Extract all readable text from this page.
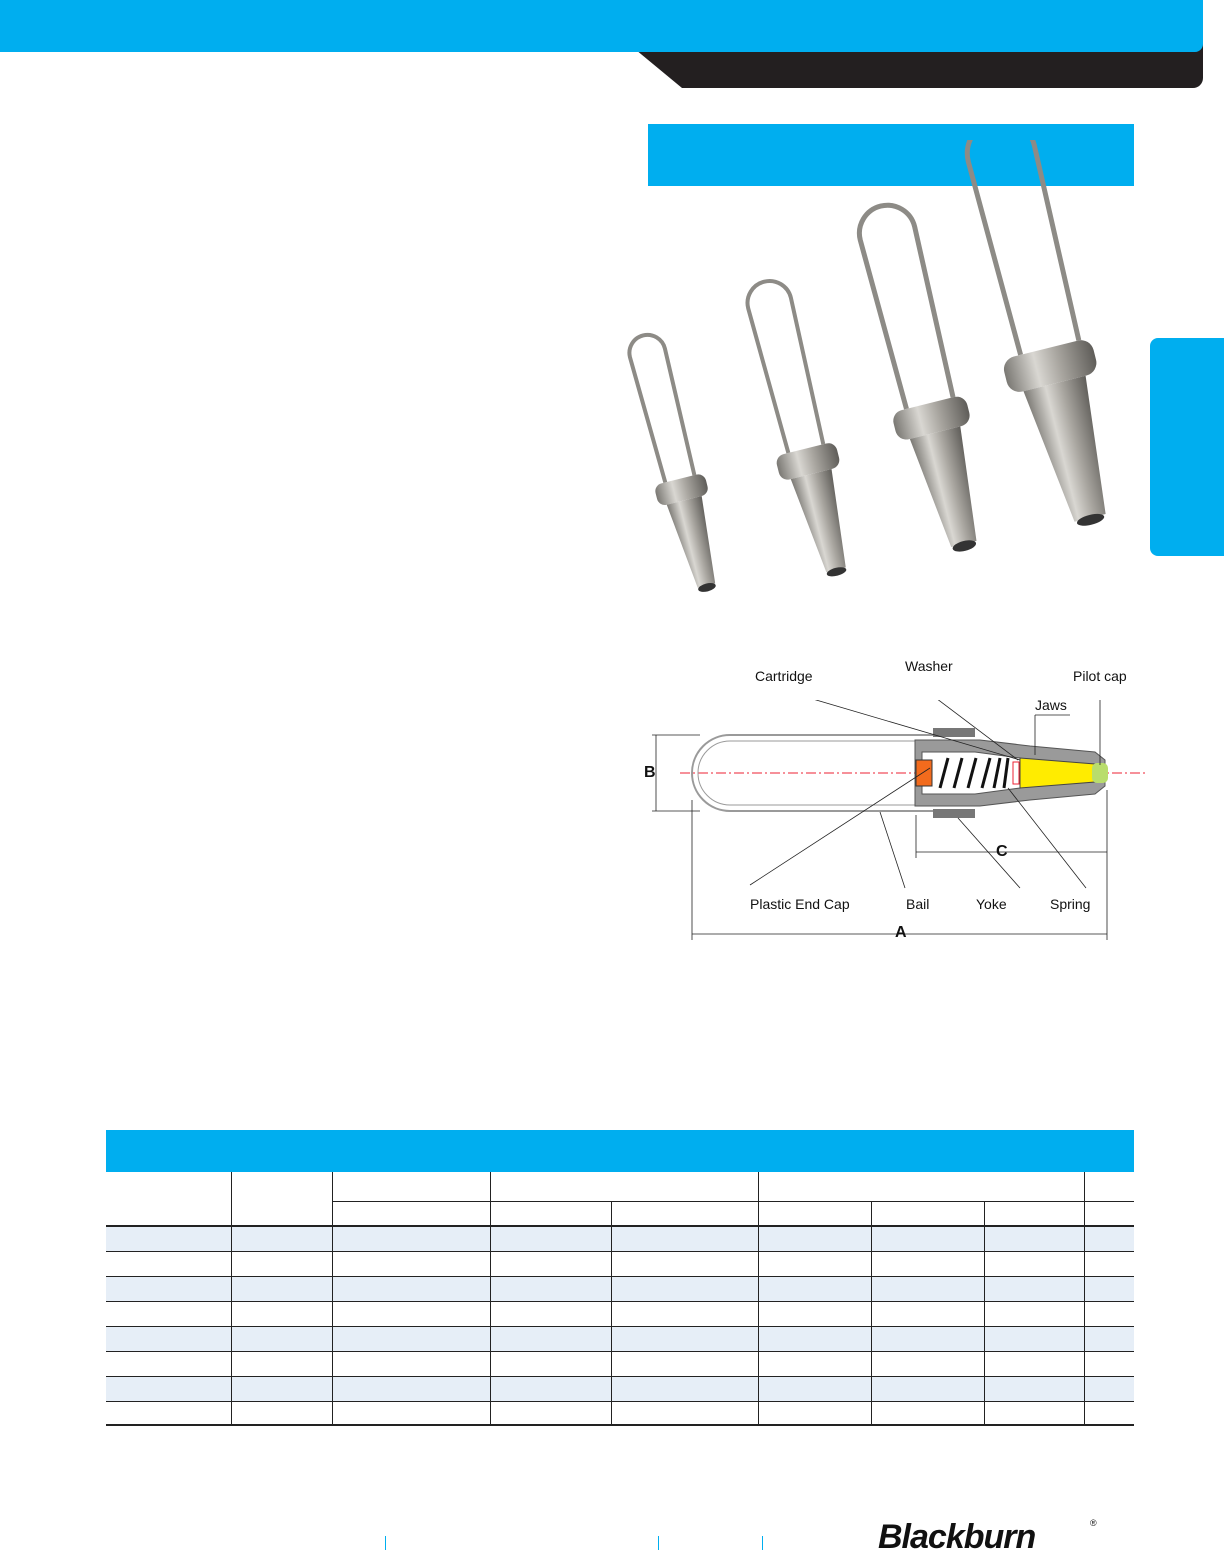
Cartridge
Washer
Pilot cap
Jaws
Plastic End Cap	Bail	Yoke	Spring
B
C
A

Blackburn	®
